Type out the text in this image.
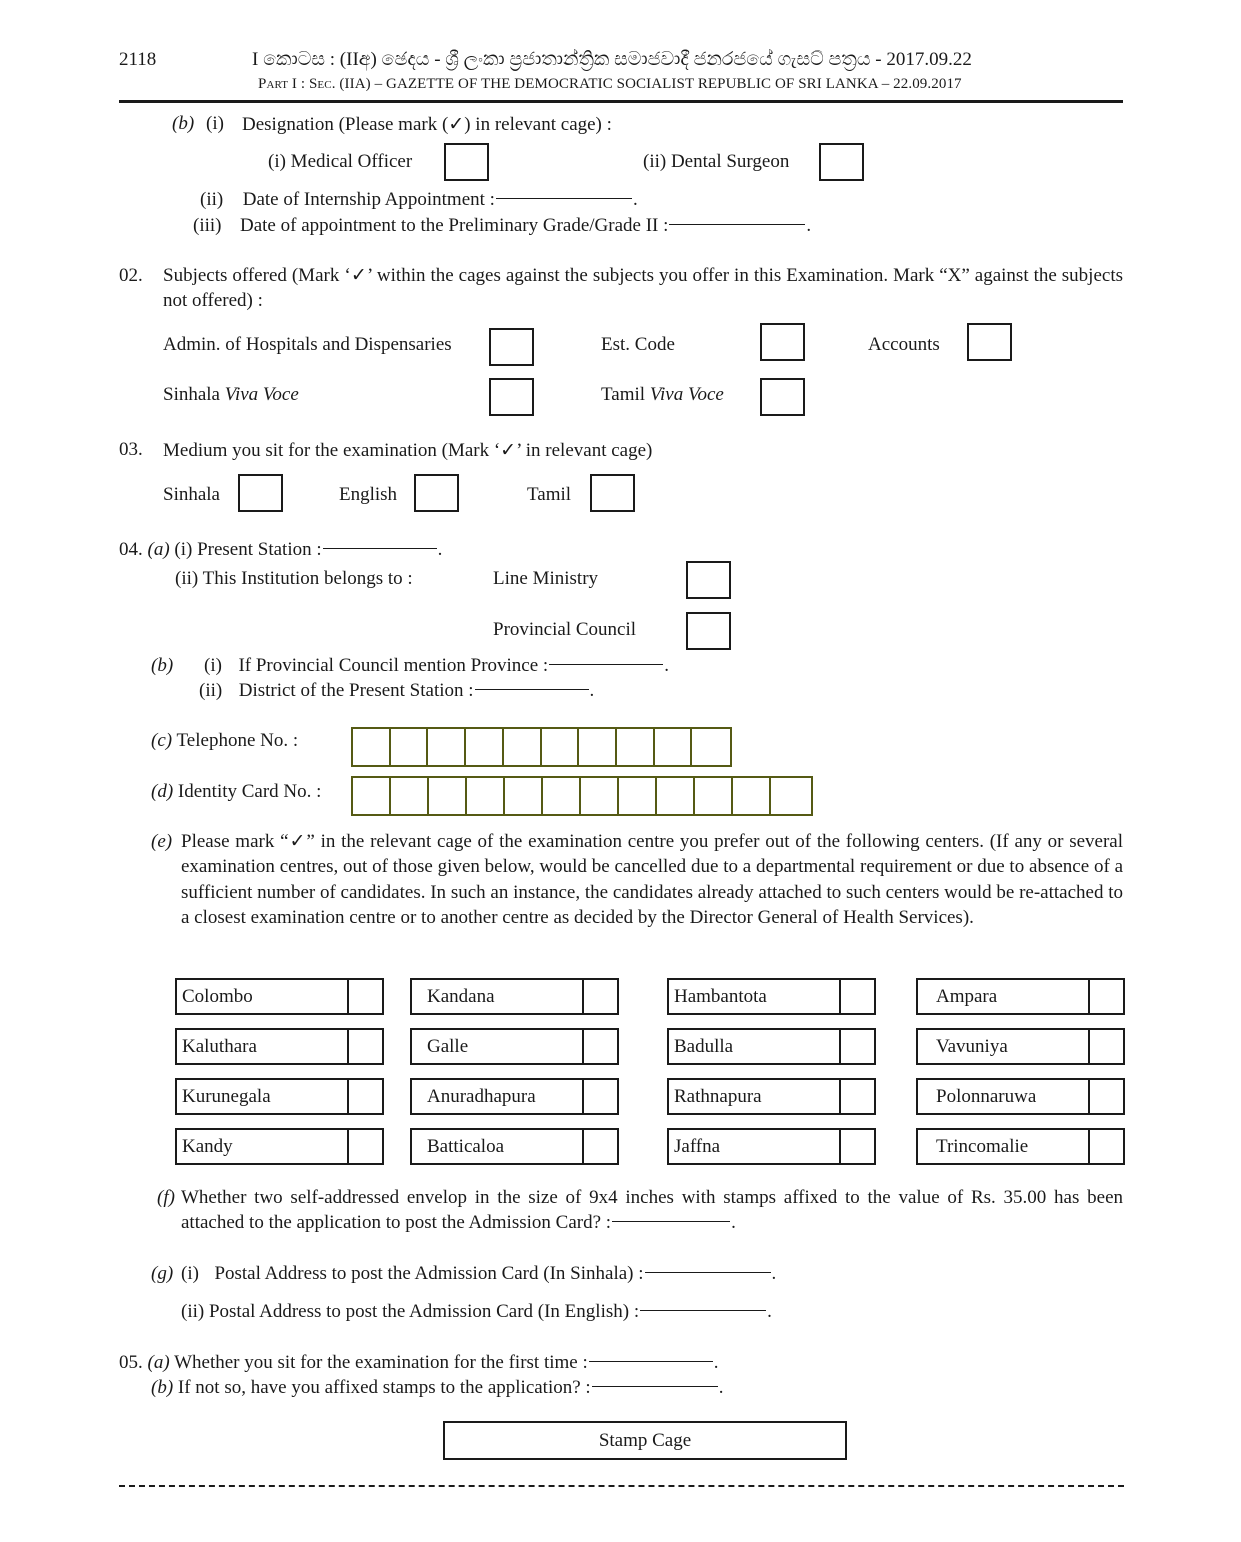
2118	I කොටස : (IIඅ) ඡෙදය - ශ්‍රී ලංකා ප්‍රජාතාන්ත්‍රික සමාජවාදී ජනරජයේ ගැසට් පත්‍රය - 2017.09.22
Part I : Sec. (IIA) – GAZETTE OF THE DEMOCRATIC SOCIALIST REPUBLIC OF SRI LANKA – 22.09.2017
(b) (i) Designation (Please mark (✓) in relevant cage) :
(i) Medical Officer	(ii) Dental Surgeon
(ii) Date of Internship Appointment :	.
(iii) Date of appointment to the Preliminary Grade/Grade II :	.
02. Subjects offered (Mark ‘✓’ within the cages against the subjects you offer in this Examination. Mark “X” against the subjects not offered) :
Admin. of Hospitals and Dispensaries	Est. Code	Accounts
Sinhala Viva Voce	Tamil Viva Voce
03. Medium you sit for the examination (Mark ‘✓’ in relevant cage)
Sinhala	English	Tamil
04. (a) (i) Present Station :	.
(ii) This Institution belongs to :	Line Ministry
Provincial Council
(b) (i) If Provincial Council mention Province :	.
(ii) District of the Present Station :	.
(c) Telephone No. :
(d) Identity Card No. :
(e) Please mark “✓” in the relevant cage of the examination centre you prefer out of the following centers. (If any or several examination centres, out of those given below, would be cancelled due to a departmental requirement or due to absence of a sufficient number of candidates. In such an instance, the candidates already attached to such centers would be re-attached to a closest examination centre or to another centre as decided by the Director General of Health Services).
Colombo	Kandana	Hambantota	Ampara
Kaluthara	Galle	Badulla	Vavuniya
Kurunegala	Anuradhapura	Rathnapura	Polonnaruwa
Kandy	Batticaloa	Jaffna	Trincomalie
(f) Whether two self-addressed envelop in the size of 9x4 inches with stamps affixed to the value of Rs. 35.00 has been attached to the application to post the Admission Card? :	.
(g) (i) Postal Address to post the Admission Card (In Sinhala) :	.
(ii) Postal Address to post the Admission Card (In English) :	.
05. (a) Whether you sit for the examination for the first time :	.
(b) If not so, have you affixed stamps to the application? :	.
Stamp Cage
